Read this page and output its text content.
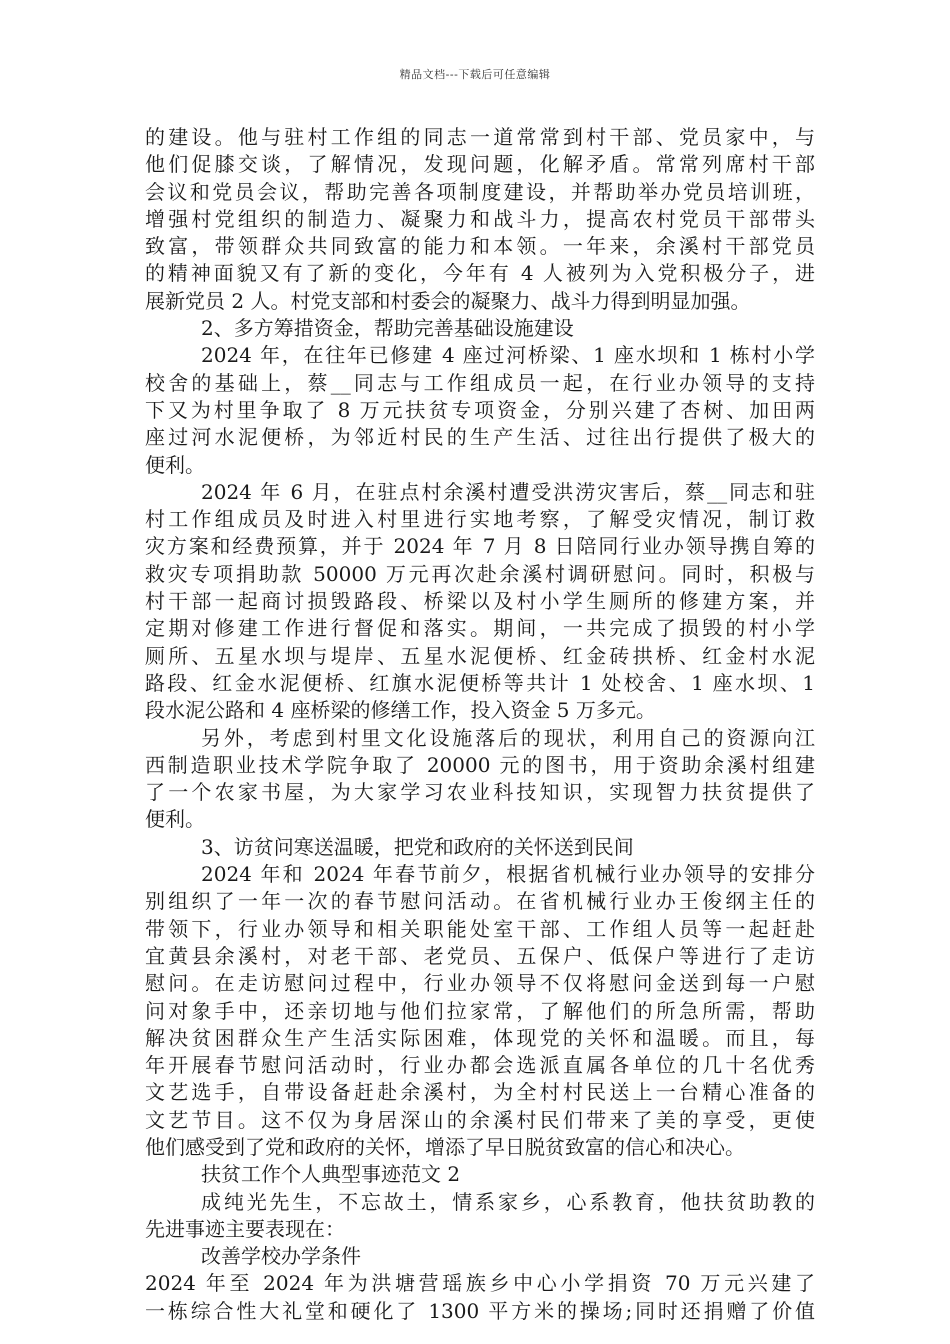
精品文档---下载后可任意编辑
的建设。他与驻村工作组的同志一道常常到村干部、党员家中，与
他们促膝交谈，了解情况，发现问题，化解矛盾。常常列席村干部
会议和党员会议，帮助完善各项制度建设，并帮助举办党员培训班，
增强村党组织的制造力、凝聚力和战斗力，提高农村党员干部带头
致富，带领群众共同致富的能力和本领。一年来，余溪村干部党员
的精神面貌又有了新的变化，今年有 4 人被列为入党积极分子，进
展新党员 2 人。村党支部和村委会的凝聚力、战斗力得到明显加强。
2、多方筹措资金，帮助完善基础设施建设
2024 年，在往年已修建 4 座过河桥梁、1 座水坝和 1 栋村小学
校舍的基础上，蔡__同志与工作组成员一起，在行业办领导的支持
下又为村里争取了 8 万元扶贫专项资金，分别兴建了杏树、加田两
座过河水泥便桥，为邻近村民的生产生活、过往出行提供了极大的
便利。
2024 年 6 月，在驻点村余溪村遭受洪涝灾害后，蔡__同志和驻
村工作组成员及时进入村里进行实地考察，了解受灾情况，制订救
灾方案和经费预算，并于 2024 年 7 月 8 日陪同行业办领导携自筹的
救灾专项捐助款 50000 万元再次赴余溪村调研慰问。同时，积极与
村干部一起商讨损毁路段、桥梁以及村小学生厕所的修建方案，并
定期对修建工作进行督促和落实。期间，一共完成了损毁的村小学
厕所、五星水坝与堤岸、五星水泥便桥、红金砖拱桥、红金村水泥
路段、红金水泥便桥、红旗水泥便桥等共计 1 处校舍、1 座水坝、1
段水泥公路和 4 座桥梁的修缮工作，投入资金 5 万多元。
另外，考虑到村里文化设施落后的现状，利用自己的资源向江
西制造职业技术学院争取了 20000 元的图书，用于资助余溪村组建
了一个农家书屋，为大家学习农业科技知识，实现智力扶贫提供了
便利。
3、访贫问寒送温暖，把党和政府的关怀送到民间
2024 年和 2024 年春节前夕，根据省机械行业办领导的安排分
别组织了一年一次的春节慰问活动。在省机械行业办王俊纲主任的
带领下，行业办领导和相关职能处室干部、工作组人员等一起赶赴
宜黄县余溪村，对老干部、老党员、五保户、低保户等进行了走访
慰问。在走访慰问过程中，行业办领导不仅将慰问金送到每一户慰
问对象手中，还亲切地与他们拉家常，了解他们的所急所需，帮助
解决贫困群众生产生活实际困难，体现党的关怀和温暖。而且，每
年开展春节慰问活动时，行业办都会选派直属各单位的几十名优秀
文艺选手，自带设备赶赴余溪村，为全村村民送上一台精心准备的
文艺节目。这不仅为身居深山的余溪村民们带来了美的享受，更使
他们感受到了党和政府的关怀，增添了早日脱贫致富的信心和决心。
扶贫工作个人典型事迹范文 2
成纯光先生，不忘故土，情系家乡，心系教育，他扶贫助教的
先进事迹主要表现在：
改善学校办学条件
2024 年至 2024 年为洪塘营瑶族乡中心小学捐资 70 万元兴建了
一栋综合性大礼堂和硬化了 1300 平方米的操场;同时还捐赠了价值
